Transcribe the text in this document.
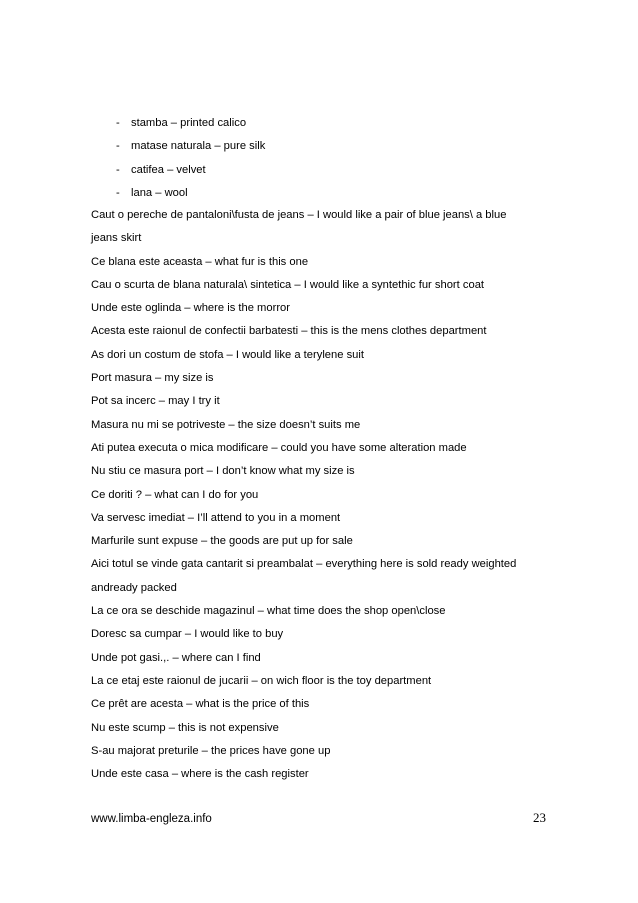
- stamba – printed calico
- matase naturala – pure silk
- catifea – velvet
- lana – wool
Caut o pereche de pantaloni\fusta de jeans – I would like a pair of blue jeans\ a blue
jeans skirt
Ce blana este aceasta – what fur is this one
Cau o scurta de blana naturala\ sintetica – I would like a syntethic fur short coat
Unde este oglinda – where is the morror
Acesta este raionul de confectii barbatesti – this is the mens clothes department
As dori un costum de stofa – I would like a terylene suit
Port masura – my size is
Pot sa incerc – may I try it
Masura nu mi se potriveste – the size doesn’t suits me
Ati putea executa o mica modificare – could you have some alteration made
Nu stiu ce masura port – I don’t know what my size is
Ce doriti ? – what can I do for you
Va servesc imediat – I’ll attend to you in a moment
Marfurile sunt expuse – the goods are put up for sale
Aici totul se vinde gata cantarit si preambalat – everything here is sold ready weighted
andready packed
La ce ora se deschide magazinul – what time does the shop open\close
Doresc sa cumpar – I would like to buy
Unde pot gasi.,. – where can I find
La ce etaj este raionul de jucarii – on wich floor is the toy department
Ce prêt are acesta – what is the price of this
Nu este scump – this is not expensive
S-au majorat preturile – the prices have gone up
Unde este casa – where is the cash register
www.limba-engleza.info	23
